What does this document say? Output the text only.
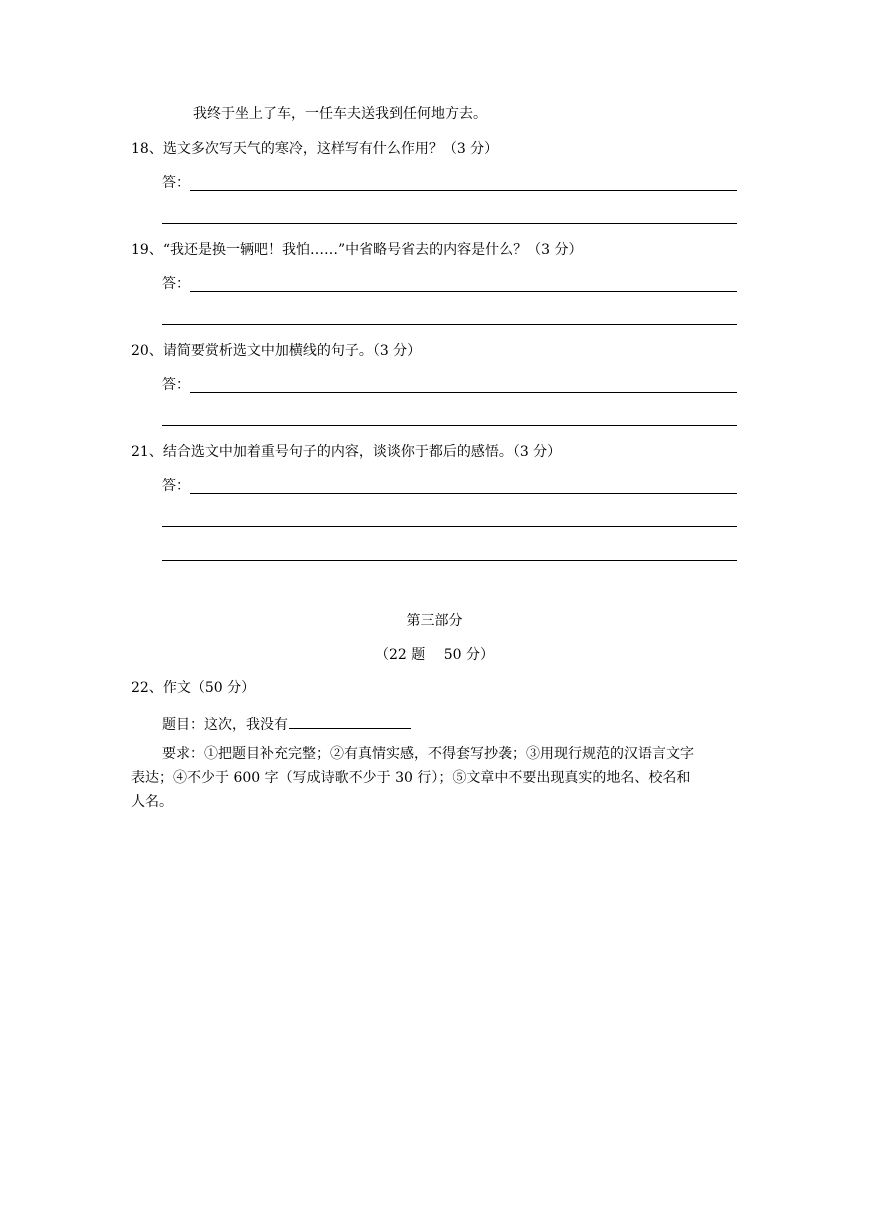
我终于坐上了车，一任车夫送我到任何地方去。
18、选文多次写天气的寒冷，这样写有什么作用？（3 分）
答：
19、“我还是换一辆吧！我怕……”中省略号省去的内容是什么？（3 分）
答：
20、请简要赏析选文中加横线的句子。（3 分）
答：
21、结合选文中加着重号句子的内容，谈谈你于都后的感悟。（3 分）
答：
第三部分
（22 题　 50 分）
22、作文（50 分）
题目：这次，我没有
要求：①把题目补充完整；②有真情实感，不得套写抄袭；③用现行规范的汉语言文字
表达；④不少于 600 字（写成诗歌不少于 30 行）；⑤文章中不要出现真实的地名、校名和
人名。
